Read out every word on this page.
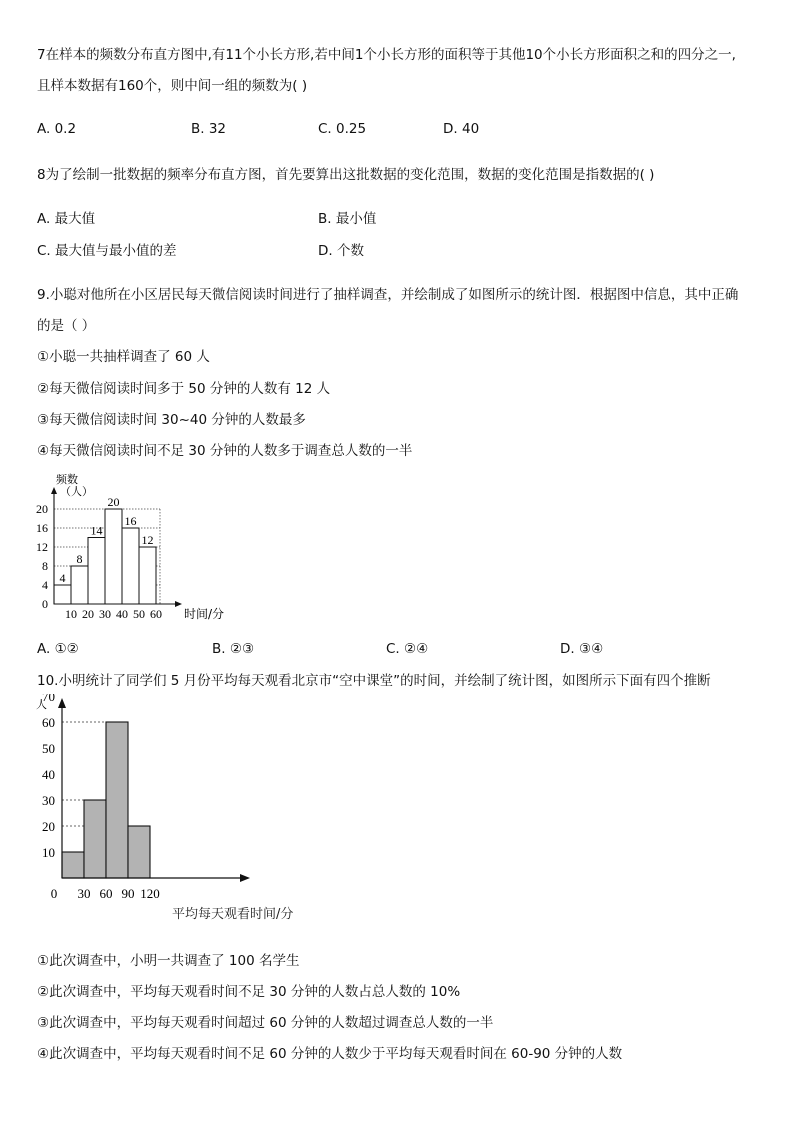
7在样本的频数分布直方图中,有11个小长方形,若中间1个小长方形的面积等于其他10个小长方形面积之和的四分之一,
且样本数据有160个，则中间一组的频数为( )
A. 0.2	B. 32	C. 0.25	D. 40
8为了绘制一批数据的频率分布直方图，首先要算出这批数据的变化范围，数据的变化范围是指数据的( )
A. 最大值	B. 最小值
C. 最大值与最小值的差	D. 个数
9.小聪对他所在小区居民每天微信阅读时间进行了抽样调查，并绘制成了如图所示的统计图．根据图中信息，其中正确
的是（ ）
①小聪一共抽样调查了 60 人
②每天微信阅读时间多于 50 分钟的人数有 12 人
③每天微信阅读时间 30~40 分钟的人数最多
④每天微信阅读时间不足 30 分钟的人数多于调查总人数的一半
0
4
8
12
16
20
10 20 30 40 50 60
4
8
14
20
16
12
频数（人）
时间/分
A. ①②	B. ②③	C. ②④	D. ③④
10.小明统计了同学们 5 月份平均每天观看北京市“空中课堂”的时间，并绘制了统计图，如图所示下面有四个推断
10
20
30
40
50
60
70
0 30 60 90 120
人
平均每天观看时间/分
①此次调查中，小明一共调查了 100 名学生
②此次调查中，平均每天观看时间不足 30 分钟的人数占总人数的 10%
③此次调查中，平均每天观看时间超过 60 分钟的人数超过调查总人数的一半
④此次调查中，平均每天观看时间不足 60 分钟的人数少于平均每天观看时间在 60-90 分钟的人数
